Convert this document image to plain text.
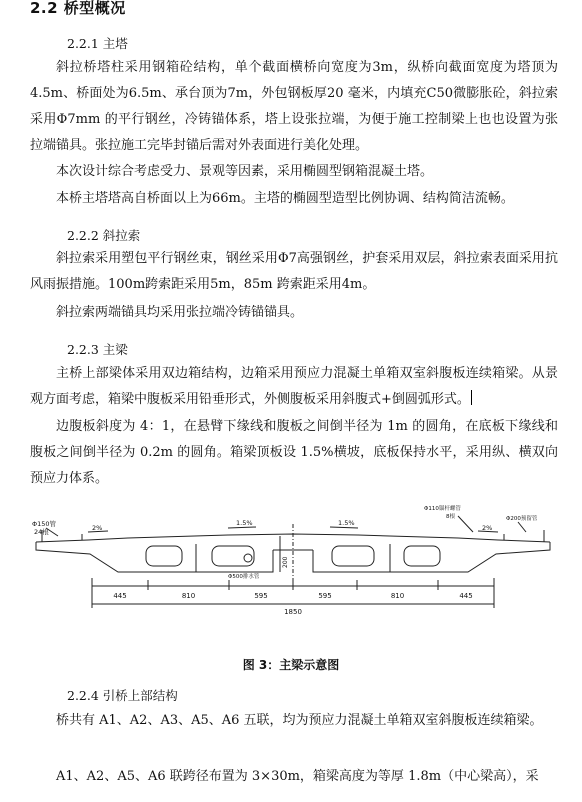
2.2 桥型概况
2.2.1 主塔
斜拉桥塔柱采用钢箱砼结构，单个截面横桥向宽度为3m，纵桥向截面宽度为塔顶为4.5m、桥面处为6.5m、承台顶为7m，外包钢板厚20 毫米，内填充C50微膨胀砼，斜拉索采用Φ7mm 的平行钢丝，冷铸锚体系，塔上设张拉端，为便于施工控制梁上也也设置为张拉端锚具。张拉施工完毕封锚后需对外表面进行美化处理。
本次设计综合考虑受力、景观等因素，采用椭圆型钢箱混凝土塔。
本桥主塔塔高自桥面以上为66m。主塔的椭圆型造型比例协调、结构简洁流畅。
2.2.2 斜拉索
斜拉索采用塑包平行钢丝束，钢丝采用Φ7高强钢丝，护套采用双层，斜拉索表面采用抗风雨振措施。100m跨索距采用5m，85m 跨索距采用4m。
斜拉索两端锚具均采用张拉端冷铸锚锚具。
2.2.3 主梁
主桥上部梁体采用双边箱结构，边箱采用预应力混凝土单箱双室斜腹板连续箱梁。从景观方面考虑，箱梁中腹板采用铅垂形式，外侧腹板采用斜腹式+倒圆弧形式。
边腹板斜度为 4：1，在悬臂下缘线和腹板之间倒半径为 1m 的圆角，在底板下缘线和腹板之间倒半径为 0.2m 的圆角。箱梁顶板设 1.5%横坡，底板保持水平，采用纵、横双向预应力体系。
Φ150管
24根	2%
1.5%	1.5%
2%
Φ500排水管
200
Φ110锚杆螺管
8根	Φ200预留管
445	810	595	595	810	445
1850
图 3：主梁示意图
2.2.4 引桥上部结构
桥共有 A1、A2、A3、A5、A6 五联，均为预应力混凝土单箱双室斜腹板连续箱梁。
A1、A2、A5、A6 联跨径布置为 3×30m，箱梁高度为等厚 1.8m（中心梁高），采
